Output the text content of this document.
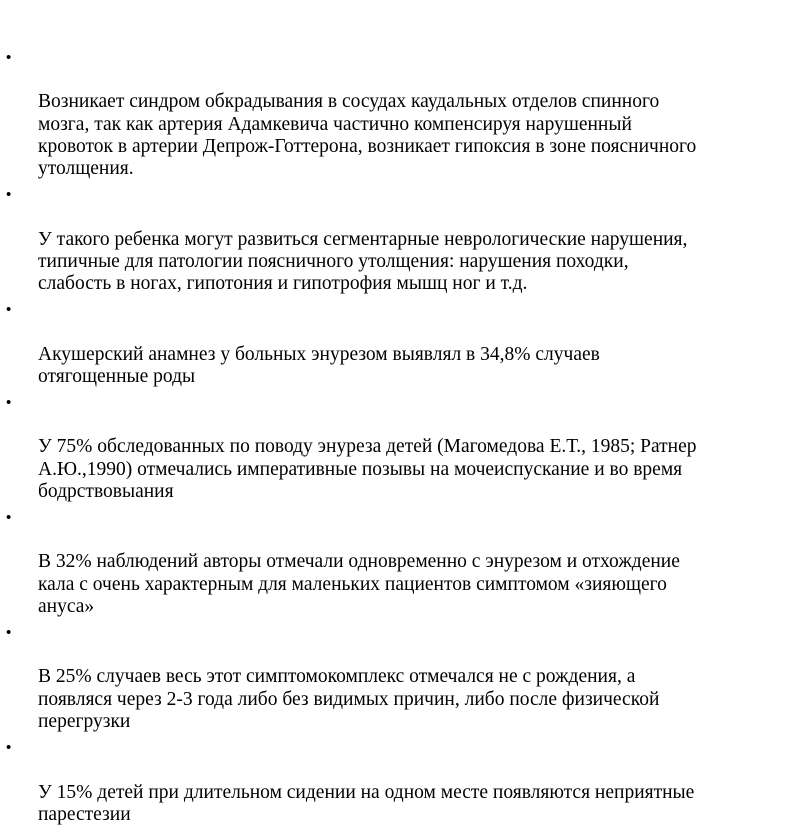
•

Возникает синдром обкрадывания в сосудах каудальных отделов спинного
мозга, так как артерия Адамкевича частично компенсируя нарушенный
кровоток в артерии Депрож-Готтерона, возникает гипоксия в зоне поясничного
утолщения.

•

У такого ребенка могут развиться сегментарные неврологические нарушения,
типичные для патологии поясничного утолщения: нарушения походки,
слабость в ногах, гипотония и гипотрофия мышц ног и т.д.

•

Акушерский анамнез у больных энурезом выявлял в 34,8% случаев
отягощенные роды

•

У 75% обследованных по поводу энуреза детей (Магомедова Е.Т., 1985; Ратнер
А.Ю.,1990) отмечались императивные позывы на мочеиспускание и во время
бодрствовыания

•

В 32% наблюдений авторы отмечали одновременно с энурезом и отхождение
кала с очень характерным для маленьких пациентов симптомом «зияющего
ануса»

•

В 25% случаев весь этот симптомокомплекс отмечался не с рождения, а
появляся через 2-3 года либо без видимых причин, либо после физической
перегрузки

•

У 15% детей при длительном сидении на одном месте появляются неприятные
парестезии
